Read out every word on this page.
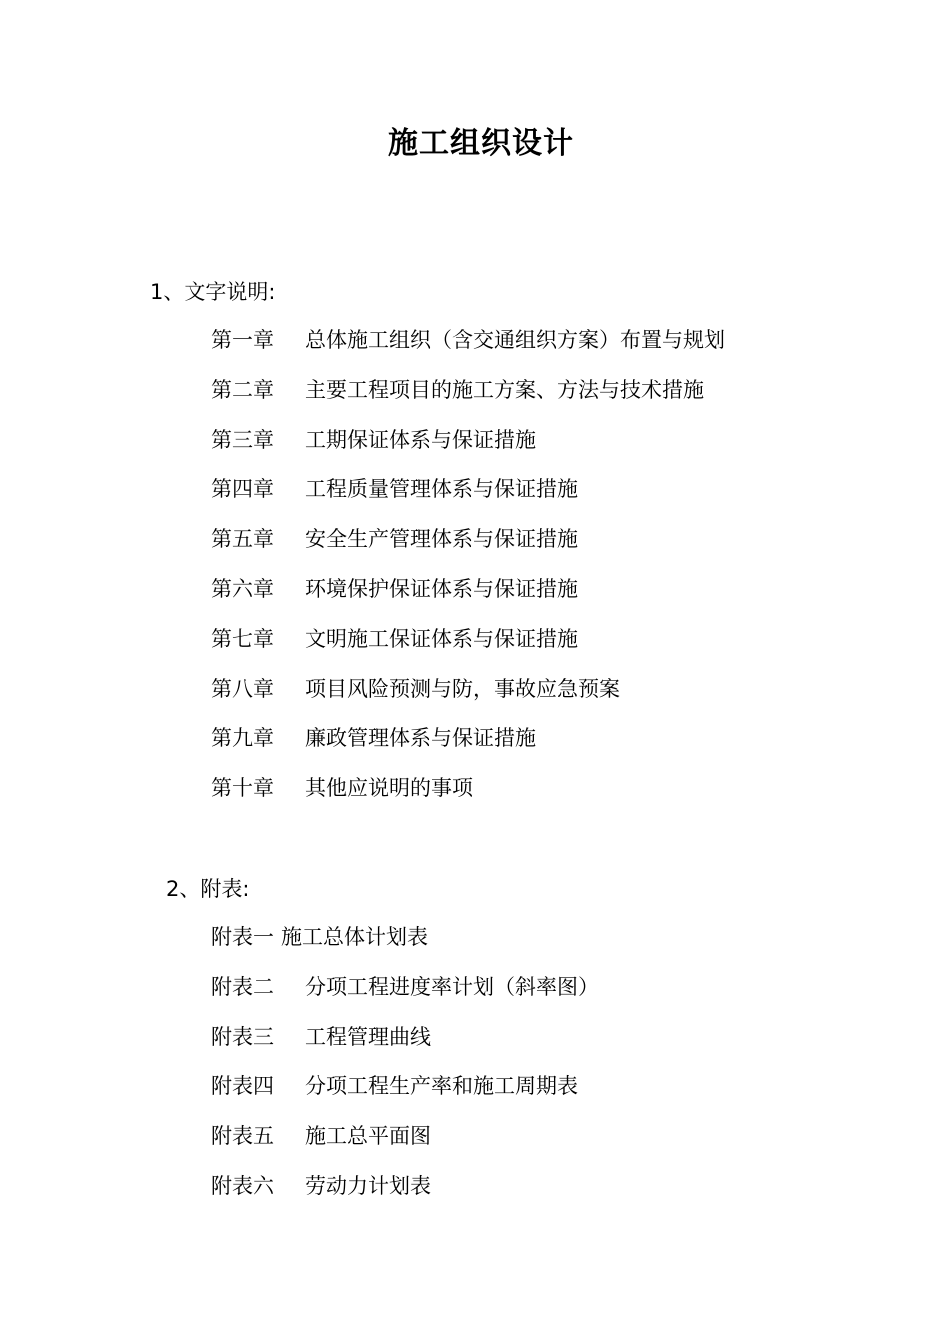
施工组织设计
1、文字说明:
第一章 总体施工组织（含交通组织方案）布置与规划
第二章 主要工程项目的施工方案、方法与技术措施
第三章 工期保证体系与保证措施
第四章 工程质量管理体系与保证措施
第五章 安全生产管理体系与保证措施
第六章 环境保护保证体系与保证措施
第七章 文明施工保证体系与保证措施
第八章 项目风险预测与防，事故应急预案
第九章 廉政管理体系与保证措施
第十章 其他应说明的事项
2、附表:
附表一 施工总体计划表
附表二 分项工程进度率计划（斜率图）
附表三 工程管理曲线
附表四 分项工程生产率和施工周期表
附表五 施工总平面图
附表六 劳动力计划表
